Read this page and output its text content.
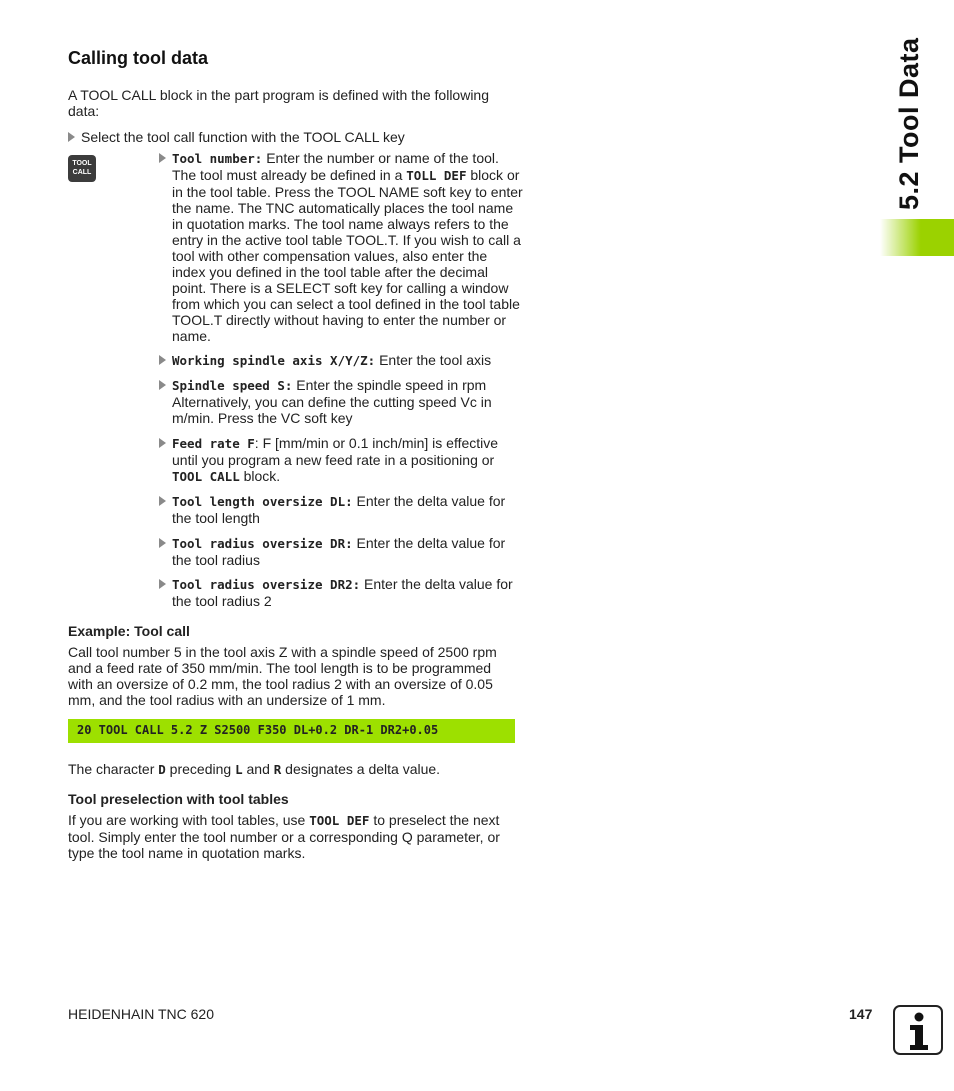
Calling tool data

A TOOL CALL block in the part program is defined with the following data:

Select the tool call function with the TOOL CALL key
TOOL
CALL
Tool number: Enter the number or name of the tool. The tool must already be defined in a TOLL DEF block or in the tool table. Press the TOOL NAME soft key to enter the name. The TNC automatically places the tool name in quotation marks. The tool name always refers to the entry in the active tool table TOOL.T. If you wish to call a tool with other compensation values, also enter the index you defined in the tool table after the decimal point. There is a SELECT soft key for calling a window from which you can select a tool defined in the tool table TOOL.T directly without having to enter the number or name.
Working spindle axis X/Y/Z: Enter the tool axis
Spindle speed S: Enter the spindle speed in rpm Alternatively, you can define the cutting speed Vc in m/min. Press the VC soft key
Feed rate F: F [mm/min or 0.1 inch/min] is effective until you program a new feed rate in a positioning or TOOL CALL block.
Tool length oversize DL: Enter the delta value for the tool length
Tool radius oversize DR: Enter the delta value for the tool radius
Tool radius oversize DR2: Enter the delta value for the tool radius 2
Example: Tool call

Call tool number 5 in the tool axis Z with a spindle speed of 2500 rpm and a feed rate of 350 mm/min. The tool length is to be programmed with an oversize of 0.2 mm, the tool radius 2 with an oversize of 0.05 mm, and the tool radius with an undersize of 1 mm.

20 TOOL CALL 5.2 Z S2500 F350 DL+0.2 DR-1 DR2+0.05
The character D preceding L and R designates a delta value.
Tool preselection with tool tables
If you are working with tool tables, use TOOL DEF to preselect the next tool. Simply enter the tool number or a corresponding Q parameter, or type the tool name in quotation marks.
5.2 Tool Data
HEIDENHAIN TNC 620	147
